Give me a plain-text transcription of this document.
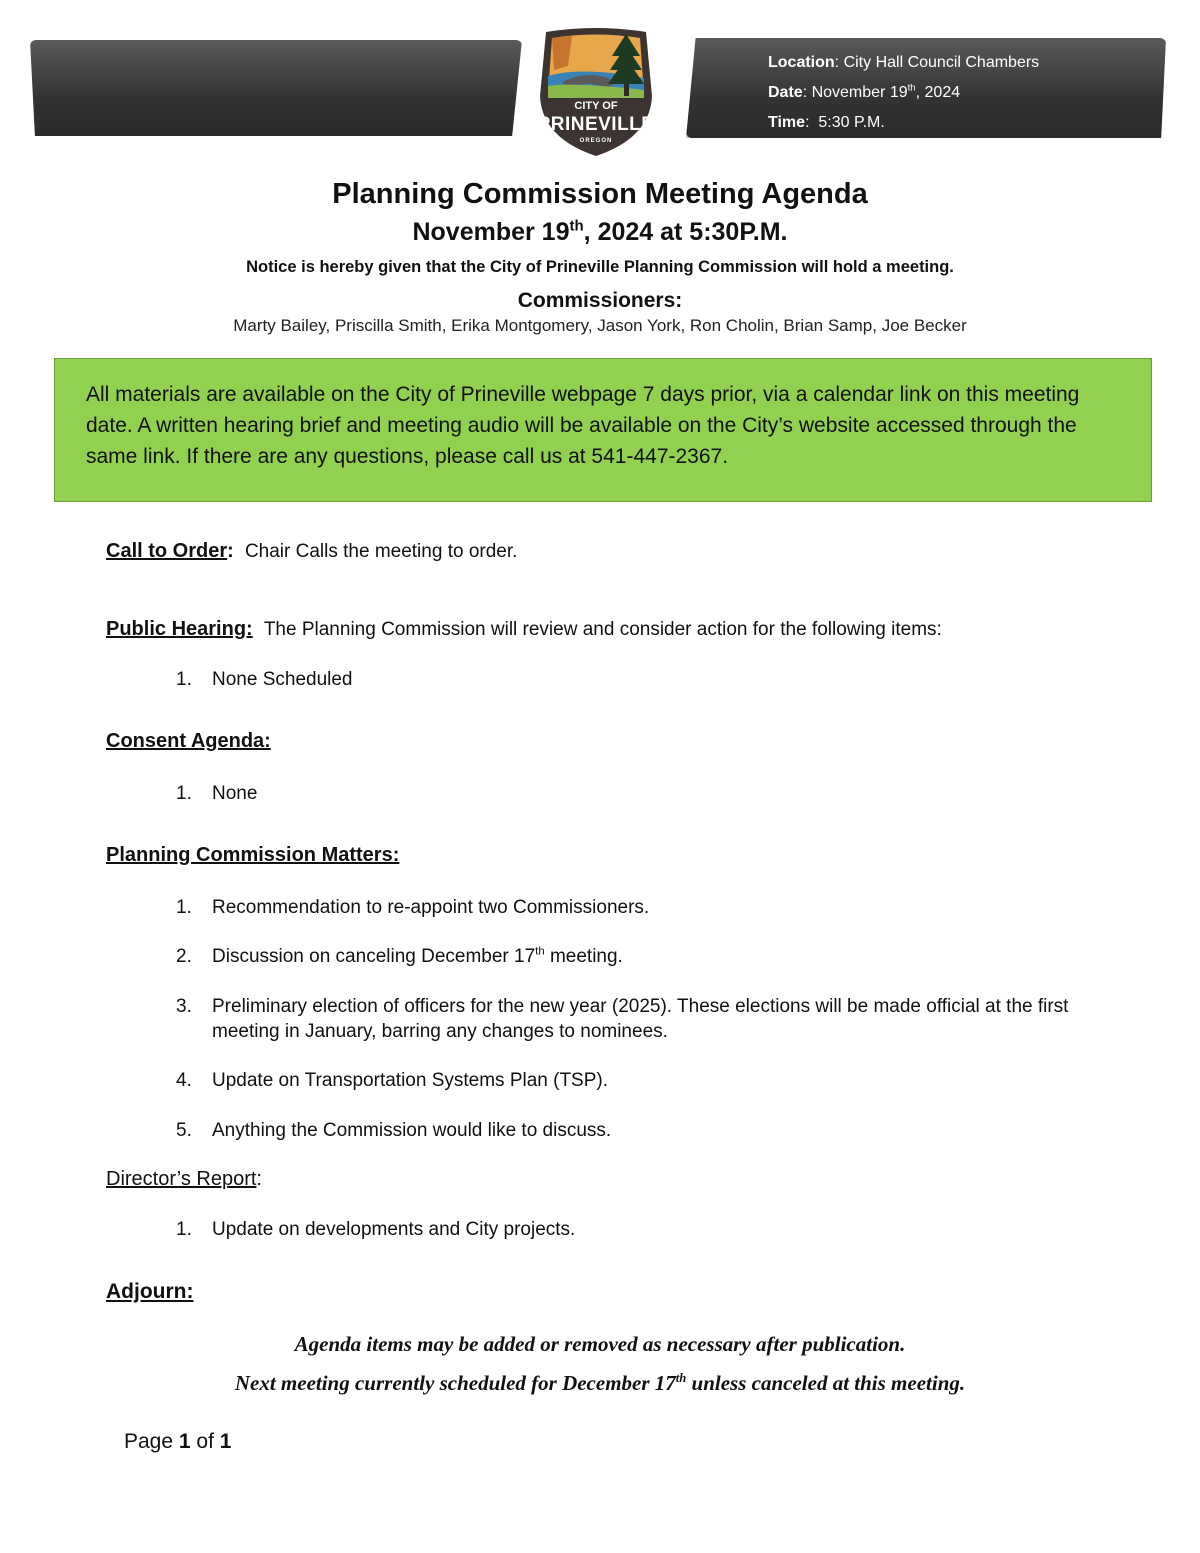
Location: City Hall Council Chambers
Date: November 19th, 2024
Time:  5:30 P.M.
CITY OF
PRINEVILLE
OREGON
Planning Commission Meeting Agenda
November 19th, 2024 at 5:30P.M.
Notice is hereby given that the City of Prineville Planning Commission will hold a meeting.
Commissioners:
Marty Bailey, Priscilla Smith, Erika Montgomery, Jason York, Ron Cholin, Brian Samp, Joe Becker

All materials are available on the City of Prineville webpage 7 days prior, via a calendar link on this meeting date. A written hearing brief and meeting audio will be available on the City’s website accessed through the same link. If there are any questions, please call us at 541-447-2367.

Call to Order: Chair Calls the meeting to order.
Public Hearing: The Planning Commission will review and consider action for the following items:
1. None Scheduled
Consent Agenda:
1. None
Planning Commission Matters:
1. Recommendation to re-appoint two Commissioners.
2. Discussion on canceling December 17th meeting.
3. Preliminary election of officers for the new year (2025). These elections will be made official at the first meeting in January, barring any changes to nominees.
4. Update on Transportation Systems Plan (TSP).
5. Anything the Commission would like to discuss.
Director’s Report:
1. Update on developments and City projects.
Adjourn:
Agenda items may be added or removed as necessary after publication.
Next meeting currently scheduled for December 17th unless canceled at this meeting.
Page 1 of 1
